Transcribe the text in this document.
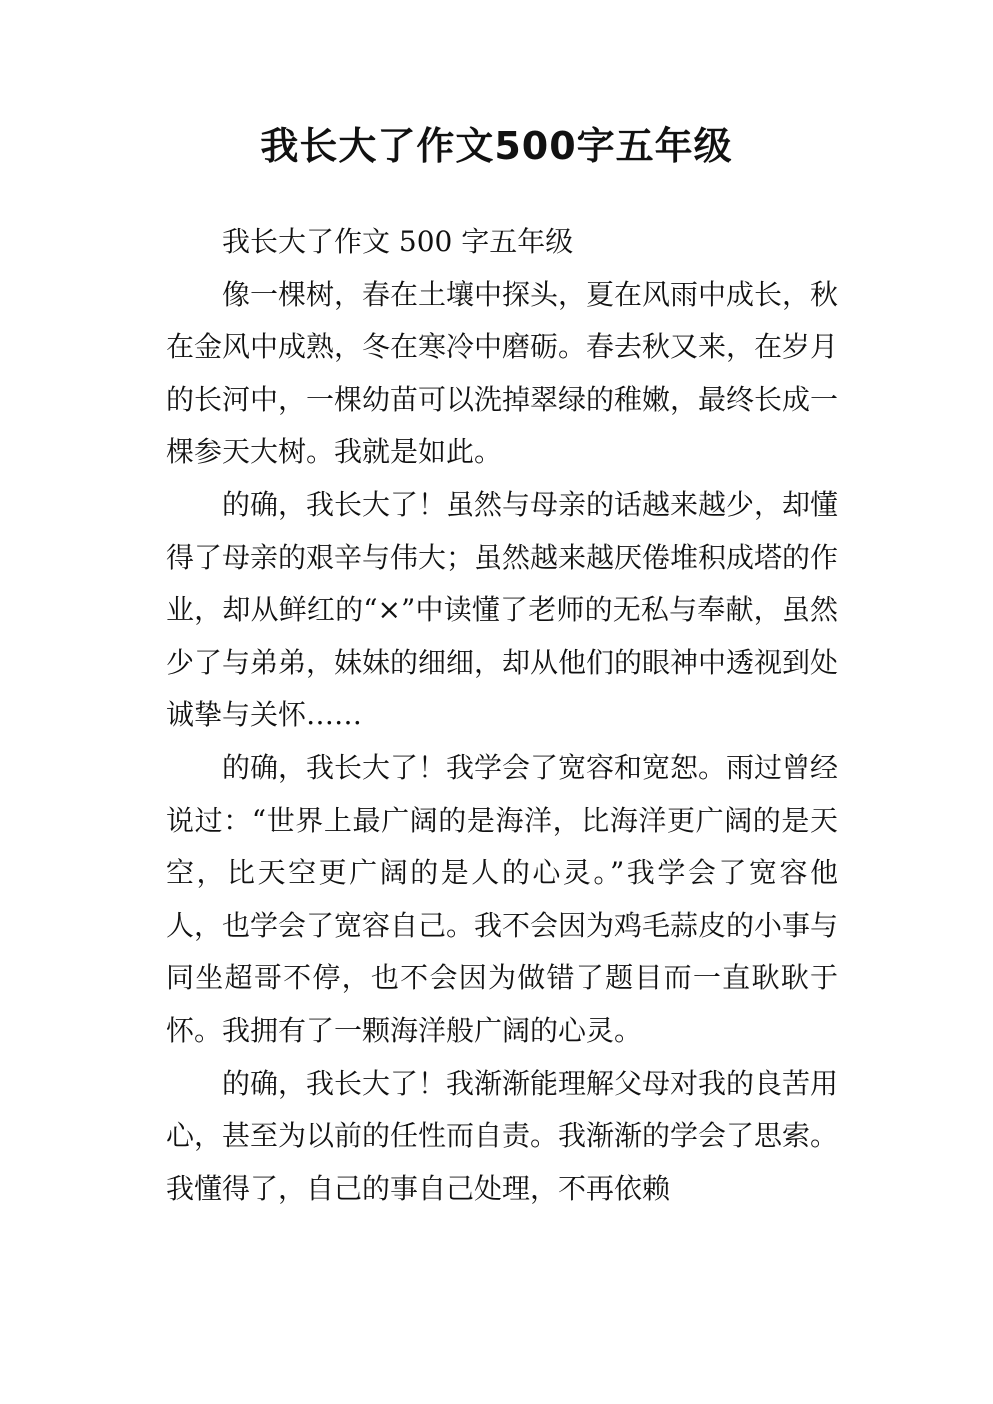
我长大了作文500字五年级

我长大了作文 500 字五年级

像一棵树，春在土壤中探头，夏在风雨中成长，秋在金风中成熟，冬在寒冷中磨砺。春去秋又来，在岁月的长河中，一棵幼苗可以洗掉翠绿的稚嫩，最终长成一棵参天大树。我就是如此。

的确，我长大了！虽然与母亲的话越来越少，却懂得了母亲的艰辛与伟大；虽然越来越厌倦堆积成塔的作业，却从鲜红的“×”中读懂了老师的无私与奉献，虽然少了与弟弟，妹妹的细细，却从他们的眼神中透视到处诚挚与关怀……

的确，我长大了！我学会了宽容和宽恕。雨过曾经说过：“世界上最广阔的是海洋，比海洋更广阔的是天空，比天空更广阔的是人的心灵。”我学会了宽容他人，也学会了宽容自己。我不会因为鸡毛蒜皮的小事与同坐超哥不停，也不会因为做错了题目而一直耿耿于怀。我拥有了一颗海洋般广阔的心灵。

的确，我长大了！我渐渐能理解父母对我的良苦用心，甚至为以前的任性而自责。我渐渐的学会了思索。我懂得了，自己的事自己处理，不再依赖
